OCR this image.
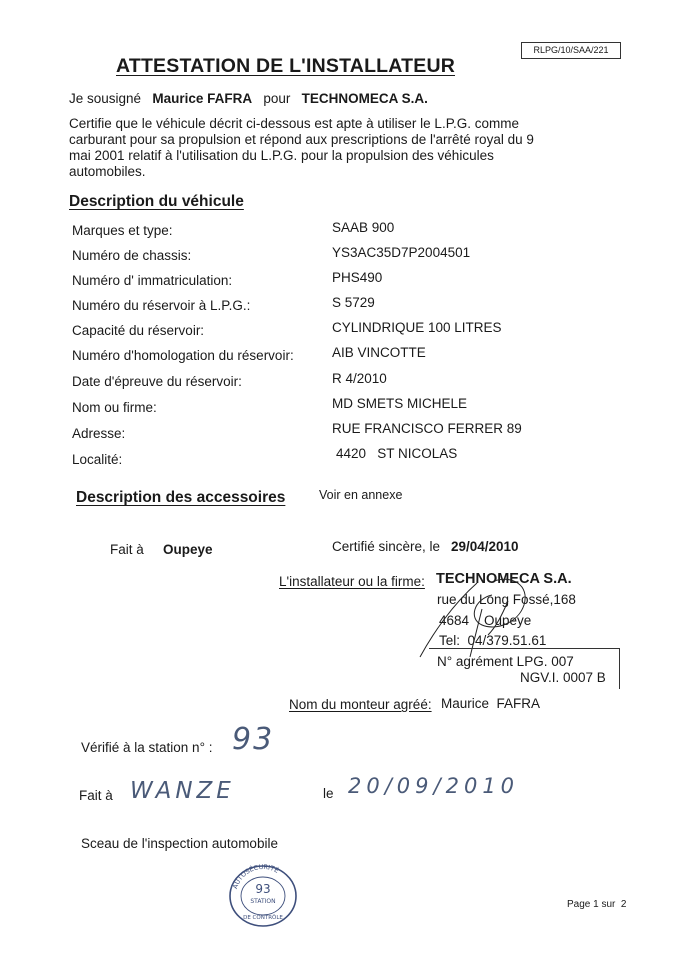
RLPG/10/SAA/221
ATTESTATION DE L'INSTALLATEUR
Je sousigné Maurice FAFRA pour TECHNOMECA S.A.
Certifie que le véhicule décrit ci-dessous est apte à utiliser le L.P.G. comme carburant pour sa propulsion et répond aux prescriptions de l'arrêté royal du 9 mai 2001 relatif à l'utilisation du L.P.G. pour la propulsion des véhicules automobiles.
Description du véhicule
Marques et type:	SAAB 900
Numéro de chassis:	YS3AC35D7P2004501
Numéro d' immatriculation:	PHS490
Numéro du réservoir à L.P.G.:	S 5729
Capacité du réservoir:	CYLINDRIQUE 100 LITRES
Numéro d'homologation du réservoir:	AIB VINCOTTE
Date d'épreuve du réservoir:	R 4/2010
Nom ou firme:	MD SMETS MICHELE
Adresse:	RUE FRANCISCO FERRER 89
Localité:	4420   ST NICOLAS
Description des accessoires	Voir en annexe
Fait à Oupeye	Certifié sincère, le 29/04/2010
L'installateur ou la firme: TECHNOMECA S.A.
rue du Long Fossé,168
4684    Oupeye
Tel:  04/379.51.61
N° agrément LPG. 007
NGV.I. 0007 B
Nom du monteur agréé: Maurice  FAFRA
Vérifié à la station n° : 93
Fait à WANZE	le 20/09/2010
Sceau de l'inspection automobile
AUTOSÉCURITÉ
93
STATION
DE CONTRÔLE
Page 1 sur  2
